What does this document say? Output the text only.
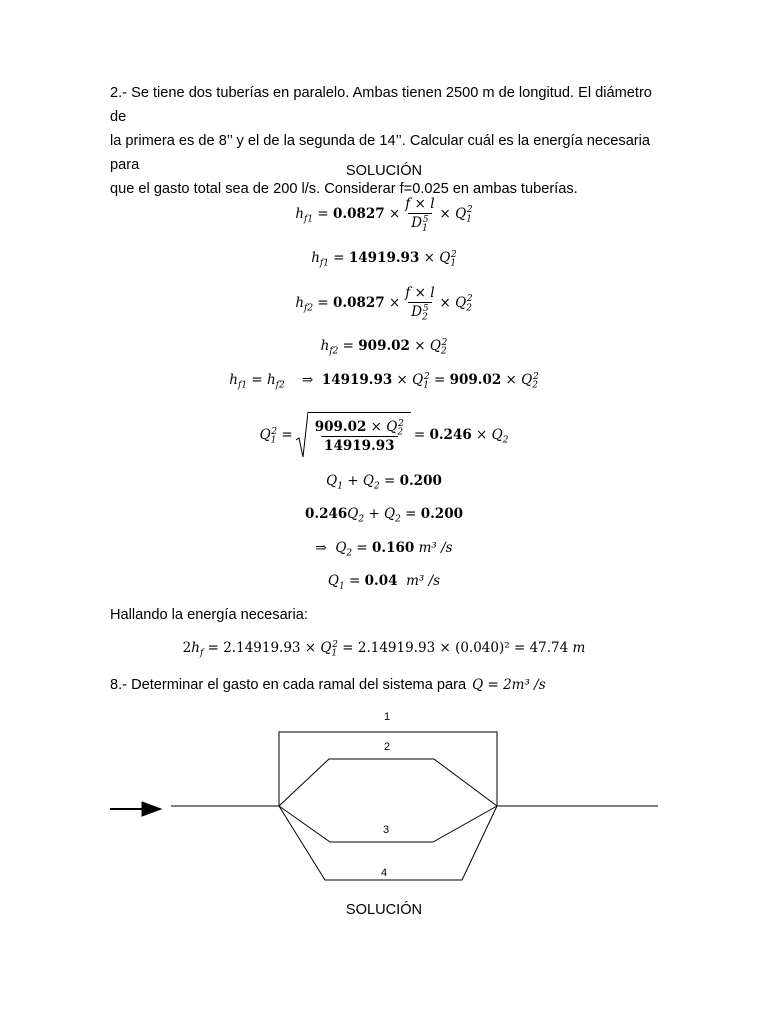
2.- Se tiene dos tuberías en paralelo. Ambas tienen 2500 m de longitud. El diámetro de
la primera es de 8’’ y el de la segunda de 14’’. Calcular cuál es la energía necesaria para
que el gasto total sea de 200 l/s. Considerar f=0.025 en ambas tuberías.
SOLUCIÓN
$h_{f1} = 0.0827 \times \frac{f \times l}{D_1^5} \times Q_1^2$
$h_{f1} = 14919.93 \times Q_1^2$
$h_{f2} = 0.0827 \times \frac{f \times l}{D_2^5} \times Q_2^2$
$h_{f2} = 909.02 \times Q_2^2$
$h_{f1} = h_{f2}$ ⇒ $14919.93 \times Q_1^2 = 909.02 \times Q_2^2$
$Q_1^2 = \frac{909.02 \times Q_2^2}{14919.93} = 0.246 \times Q_2$
$Q_1 + Q_2 = 0.200$
0.246 $Q_2 + Q_2 = 0.200$
⇒ $Q_2 = 0.160$
m³ /s
$Q_1 = 0.04$
m³ /s
Hallando la energía necesaria:
2 $h_f = 2.14919.93 \times Q_1^2 = 2.14919.93 \times (0.040)^2 = 47.74$
m
8.- Determinar el gasto en cada ramal del sistema para Q = 2m³ /s
1
2
3
4
SOLUCIÓN
